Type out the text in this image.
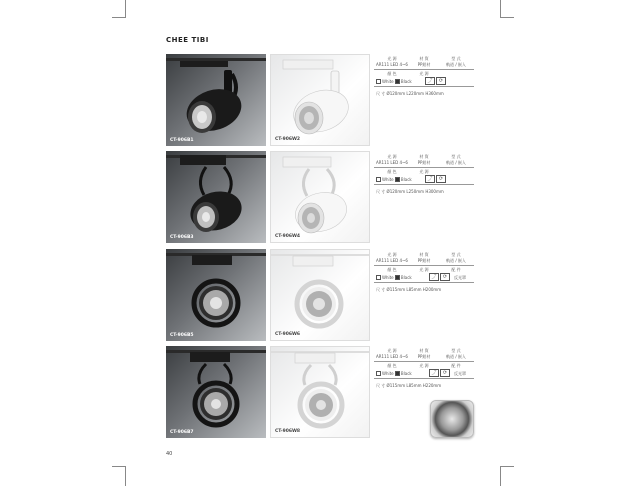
CHEE TIBI
CT-906B1	CT-906W2
光 源	材 質	型 式
AR111 LED 4~6	PP鋁材	軌道 / 嵌入
顏 色	光 源
White
Black	⤴	⟳
尺 寸 Ø120mm L220mm H360mm
CT-906B3	CT-906W4
光 源	材 質	型 式
AR111 LED 4~6	PP鋁材	軌道 / 嵌入
顏 色	光 源
White
Black	⤴	⟳
尺 寸 Ø120mm L250mm H300mm
CT-906B5	CT-906W6
光 源	材 質	型 式
AR111 LED 4~6	PP鋁材	軌道 / 嵌入
顏 色	光 源	配 件
White
Black	⤴	⟳	反光罩
尺 寸 Ø115mm L85mm H200mm
CT-906B7	CT-906W8
光 源	材 質	型 式
AR111 LED 4~6	PP鋁材	軌道 / 嵌入
顏 色	光 源	配 件
White
Black	⤴	⟳	反光罩
尺 寸 Ø115mm L85mm H220mm
40
